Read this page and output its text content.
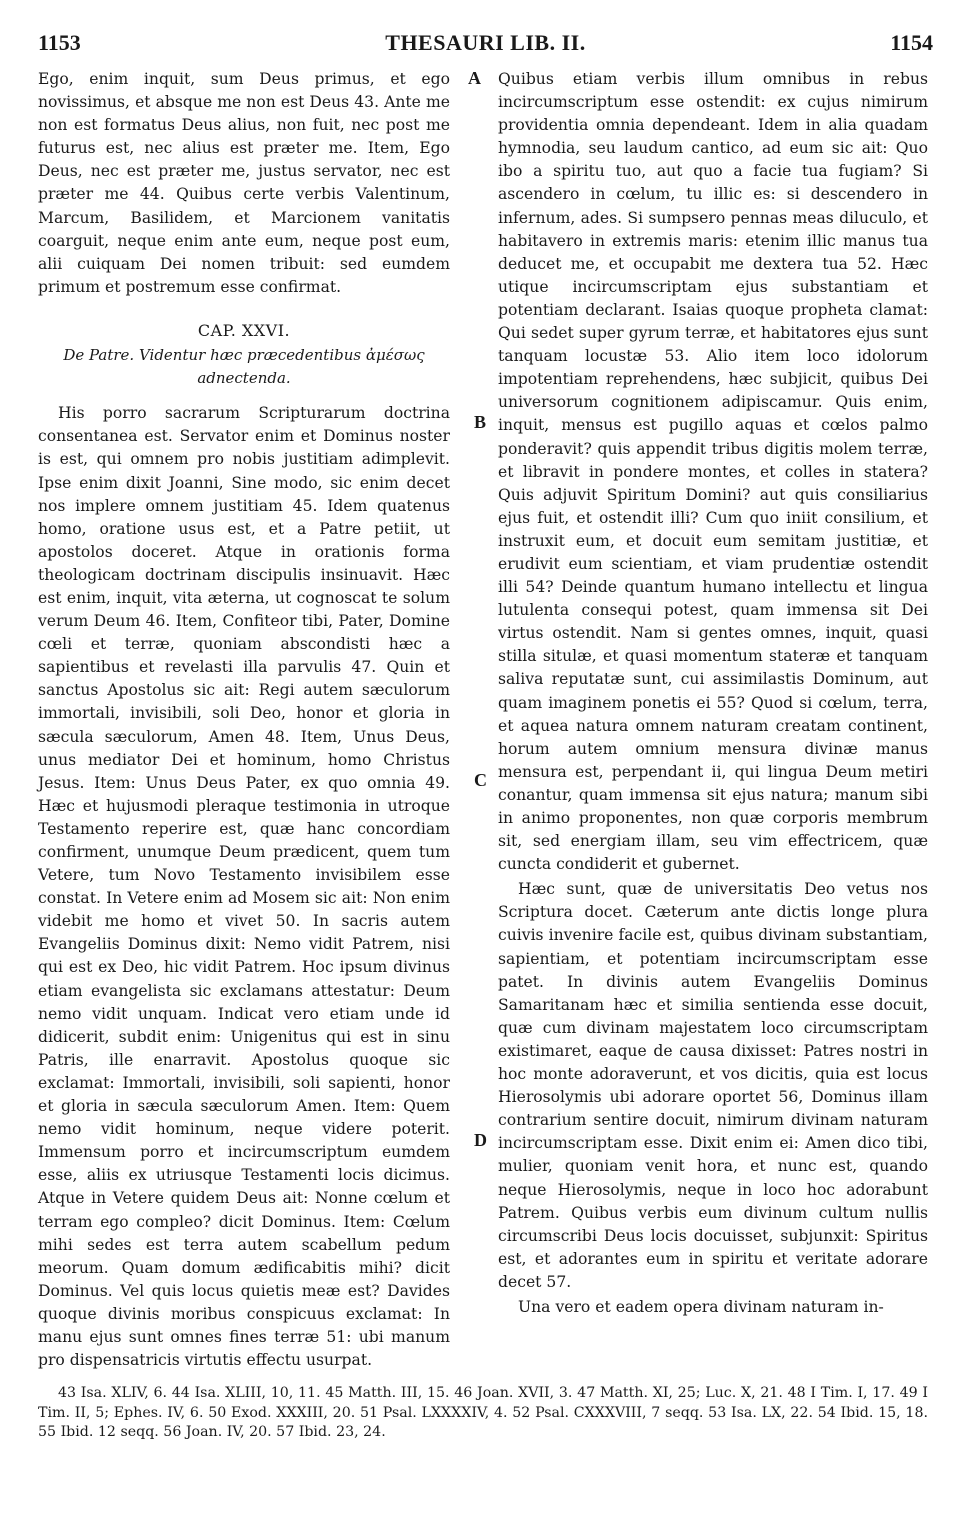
1153	THESAURI LIB. II.	1154

Ego, enim inquit, sum Deus primus, et ego novissimus, et absque me non est Deus 43. Ante me non est formatus Deus alius, non fuit, nec post me futurus est, nec alius est præter me. Item, Ego Deus, nec est præter me, justus servator, nec est præter me 44. Quibus certe verbis Valentinum, Marcum, Basilidem, et Marcionem vanitatis coarguit, neque enim ante eum, neque post eum, alii cuiquam Dei nomen tribuit: sed eumdem primum et postremum esse confirmat.

CAP. XXVI.
De Patre. Videntur hæc præcedentibus ἀμέσως adnectenda.

His porro sacrarum Scripturarum doctrina consentanea est. Servator enim et Dominus noster is est, qui omnem pro nobis justitiam adimplevit. Ipse enim dixit Joanni, Sine modo, sic enim decet nos implere omnem justitiam 45. Idem quatenus homo, oratione usus est, et a Patre petiit, ut apostolos doceret. Atque in orationis forma theologicam doctrinam discipulis insinuavit. Hæc est enim, inquit, vita æterna, ut cognoscat te solum verum Deum 46. Item, Confiteor tibi, Pater, Domine cœli et terræ, quoniam abscondisti hæc a sapientibus et revelasti illa parvulis 47. Quin et sanctus Apostolus sic ait: Regi autem sæculorum immortali, invisibili, soli Deo, honor et gloria in sæcula sæculorum, Amen 48. Item, Unus Deus, unus mediator Dei et hominum, homo Christus Jesus. Item: Unus Deus Pater, ex quo omnia 49. Hæc et hujusmodi pleraque testimonia in utroque Testamento reperire est, quæ hanc concordiam confirment, unumque Deum prædicent, quem tum Vetere, tum Novo Testamento invisibilem esse constat. In Vetere enim ad Mosem sic ait: Non enim videbit me homo et vivet 50. In sacris autem Evangeliis Dominus dixit: Nemo vidit Patrem, nisi qui est ex Deo, hic vidit Patrem. Hoc ipsum divinus etiam evangelista sic exclamans attestatur: Deum nemo vidit unquam. Indicat vero etiam unde id didicerit, subdit enim: Unigenitus qui est in sinu Patris, ille enarravit. Apostolus quoque sic exclamat: Immortali, invisibili, soli sapienti, honor et gloria in sæcula sæculorum Amen. Item: Quem nemo vidit hominum, neque videre poterit. Immensum porro et incircumscriptum eumdem esse, aliis ex utriusque Testamenti locis dicimus. Atque in Vetere quidem Deus ait: Nonne cœlum et terram ego compleo? dicit Dominus. Item: Cœlum mihi sedes est terra autem scabellum pedum meorum. Quam domum ædificabitis mihi? dicit Dominus. Vel quis locus quietis meæ est? Davides quoque divinis moribus conspicuus exclamat: In manu ejus sunt omnes fines terræ 51: ubi manum pro dispensatricis virtutis effectu usurpat.

A
B
C
D

Quibus etiam verbis illum omnibus in rebus incircumscriptum esse ostendit: ex cujus nimirum providentia omnia dependeant. Idem in alia quadam hymnodia, seu laudum cantico, ad eum sic ait: Quo ibo a spiritu tuo, aut quo a facie tua fugiam? Si ascendero in cœlum, tu illic es: si descendero in infernum, ades. Si sumpsero pennas meas diluculo, et habitavero in extremis maris: etenim illic manus tua deducet me, et occupabit me dextera tua 52. Hæc utique incircumscriptam ejus substantiam et potentiam declarant. Isaias quoque propheta clamat: Qui sedet super gyrum terræ, et habitatores ejus sunt tanquam locustæ 53. Alio item loco idolorum impotentiam reprehendens, hæc subjicit, quibus Dei universorum cognitionem adipiscamur. Quis enim, inquit, mensus est pugillo aquas et cœlos palmo ponderavit? quis appendit tribus digitis molem terræ, et libravit in pondere montes, et colles in statera? Quis adjuvit Spiritum Domini? aut quis consiliarius ejus fuit, et ostendit illi? Cum quo iniit consilium, et instruxit eum, et docuit eum semitam justitiæ, et erudivit eum scientiam, et viam prudentiæ ostendit illi 54? Deinde quantum humano intellectu et lingua lutulenta consequi potest, quam immensa sit Dei virtus ostendit. Nam si gentes omnes, inquit, quasi stilla situlæ, et quasi momentum stateræ et tanquam saliva reputatæ sunt, cui assimilastis Dominum, aut quam imaginem ponetis ei 55? Quod si cœlum, terra, et aquea natura omnem naturam creatam continent, horum autem omnium mensura divinæ manus mensura est, perpendant ii, qui lingua Deum metiri conantur, quam immensa sit ejus natura; manum sibi in animo proponentes, non quæ corporis membrum sit, sed energiam illam, seu vim effectricem, quæ cuncta condiderit et gubernet.

Hæc sunt, quæ de universitatis Deo vetus nos Scriptura docet. Cæterum ante dictis longe plura cuivis invenire facile est, quibus divinam substantiam, sapientiam, et potentiam incircumscriptam esse patet. In divinis autem Evangeliis Dominus Samaritanam hæc et similia sentienda esse docuit, quæ cum divinam majestatem loco circumscriptam existimaret, eaque de causa dixisset: Patres nostri in hoc monte adoraverunt, et vos dicitis, quia est locus Hierosolymis ubi adorare oportet 56, Dominus illam contrarium sentire docuit, nimirum divinam naturam incircumscriptam esse. Dixit enim ei: Amen dico tibi, mulier, quoniam venit hora, et nunc est, quando neque Hierosolymis, neque in loco hoc adorabunt Patrem. Quibus verbis eum divinum cultum nullis circumscribi Deus locis docuisset, subjunxit: Spiritus est, et adorantes eum in spiritu et veritate adorare decet 57.

Una vero et eadem opera divinam naturam in-

43 Isa. XLIV, 6. 44 Isa. XLIII, 10, 11. 45 Matth. III, 15. 46 Joan. XVII, 3. 47 Matth. XI, 25; Luc. X, 21. 48 I Tim. I, 17. 49 I Tim. II, 5; Ephes. IV, 6. 50 Exod. XXXIII, 20. 51 Psal. LXXXXIV, 4. 52 Psal. CXXXVIII, 7 seqq. 53 Isa. LX, 22. 54 Ibid. 15, 18. 55 Ibid. 12 seqq. 56 Joan. IV, 20. 57 Ibid. 23, 24.
